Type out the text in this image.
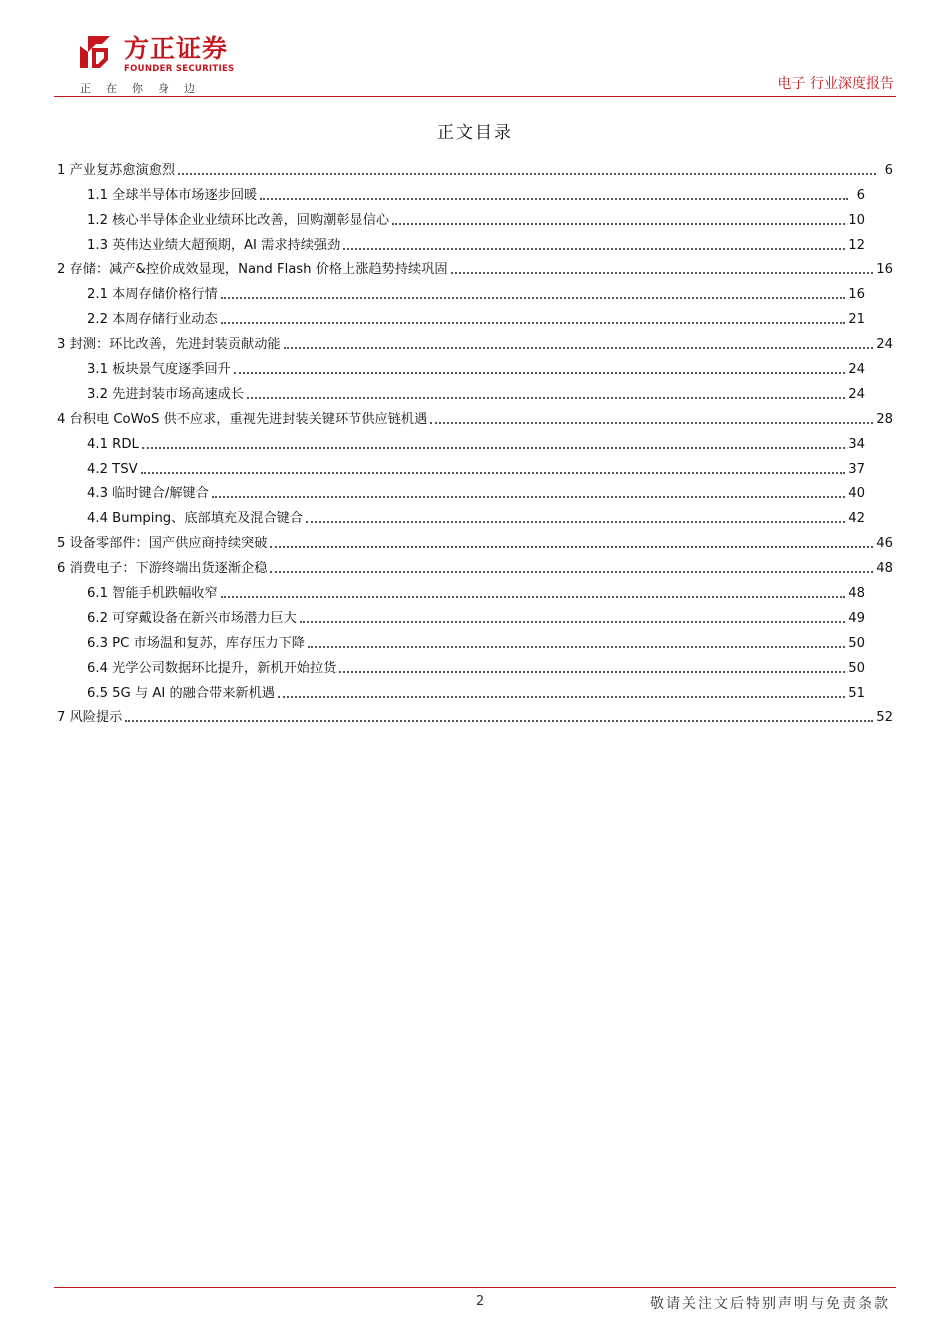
方正证券
FOUNDER SECURITIES
正在你身边	电子 行业深度报告
正文目录
1 产业复苏愈演愈烈	6
1.1 全球半导体市场逐步回暖	6
1.2 核心半导体企业业绩环比改善，回购潮彰显信心	10
1.3 英伟达业绩大超预期，AI 需求持续强劲	12
2 存储：减产&控价成效显现，Nand Flash 价格上涨趋势持续巩固	16
2.1 本周存储价格行情	16
2.2 本周存储行业动态	21
3 封测：环比改善，先进封装贡献动能	24
3.1 板块景气度逐季回升	24
3.2 先进封装市场高速成长	24
4 台积电 CoWoS 供不应求，重视先进封装关键环节供应链机遇	28
4.1 RDL	34
4.2 TSV	37
4.3 临时键合/解键合	40
4.4 Bumping、底部填充及混合键合	42
5 设备零部件：国产供应商持续突破	46
6 消费电子：下游终端出货逐渐企稳	48
6.1 智能手机跌幅收窄	48
6.2 可穿戴设备在新兴市场潜力巨大	49
6.3 PC 市场温和复苏，库存压力下降	50
6.4 光学公司数据环比提升，新机开始拉货	50
6.5 5G 与 AI 的融合带来新机遇	51
7 风险提示	52
2	敬请关注文后特别声明与免责条款
